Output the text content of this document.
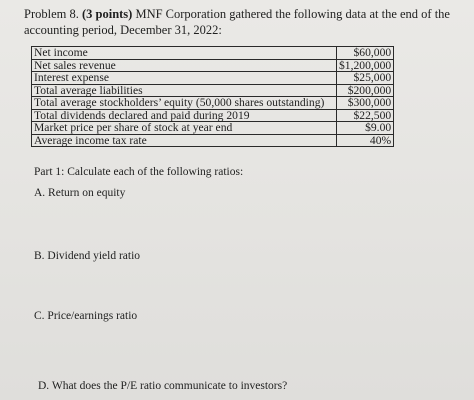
Problem 8. (3 points) MNF Corporation gathered the following data at the end of the accounting period, December 31, 2022:
Net income	$60,000
Net sales revenue	$1,200,000
Interest expense	$25,000
Total average liabilities	$200,000
Total average stockholders’ equity (50,000 shares outstanding)	$300,000
Total dividends declared and paid during 2019	$22,500
Market price per share of stock at year end	$9.00
Average income tax rate	40%
Part 1: Calculate each of the following ratios:
A. Return on equity
B. Dividend yield ratio
C. Price/earnings ratio
D. What does the P/E ratio communicate to investors?
